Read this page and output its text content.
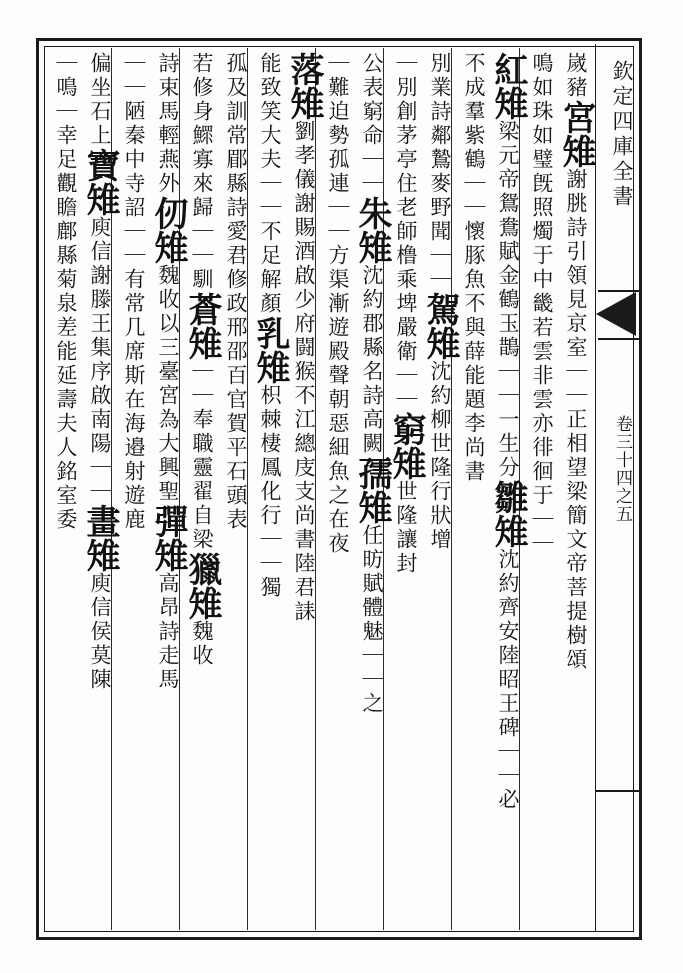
欽定四庫全書
卷三十四之五
嵗豬宮雉謝朓詩引領見京室｜｜正相望梁簡文帝菩提樹頌
鳴如珠如璧旣照燭于中畿若雲非雲亦徘徊于｜｜
紅雉梁元帝鴛鴦賦金鶴玉鵲｜｜一生分雛雉沈約齊安陸昭王碑｜｜必
不成羣紫鶴｜｜懷豚魚不與薛能題李尚書
別業詩鄰鷙麥野聞｜｜駕雉沈約柳世隆行狀增
｜別創茅亭住老師橹乘埤嚴衛｜｜窮雉世隆讓封
公表窮命｜｜朱雉沈約郡縣名詩高闕孺雉任昉賦體魅｜｜之
｜難迫勢孤連｜｜方渠漸遊殿聲朝惡細魚之在夜
落雉劉孝儀謝賜酒啟少府闘猴不江總庋支尚書陸君誄
能致笑大夫｜｜不足解顏乳雉枳棘棲鳳化行｜｜獨
孤及訓常郿縣詩愛君修政邢邵百官賀平石頭表
若修身鰥寡來歸｜｜馴蒼雉｜｜奉職靈翟自梁獵雉魏收
詩束馬輕燕外仞雉魏收以三臺宮為大興聖彈雉高昂詩走馬
｜｜陋秦中寺詔｜｜有常几席斯在海邉射遊鹿
偏坐石上寶雉庾信謝滕王集序啟南陽｜｜畫雉庾信侯莫陳
｜鳴｜幸足觀瞻鄜縣菊泉差能延壽夫人銘室委
